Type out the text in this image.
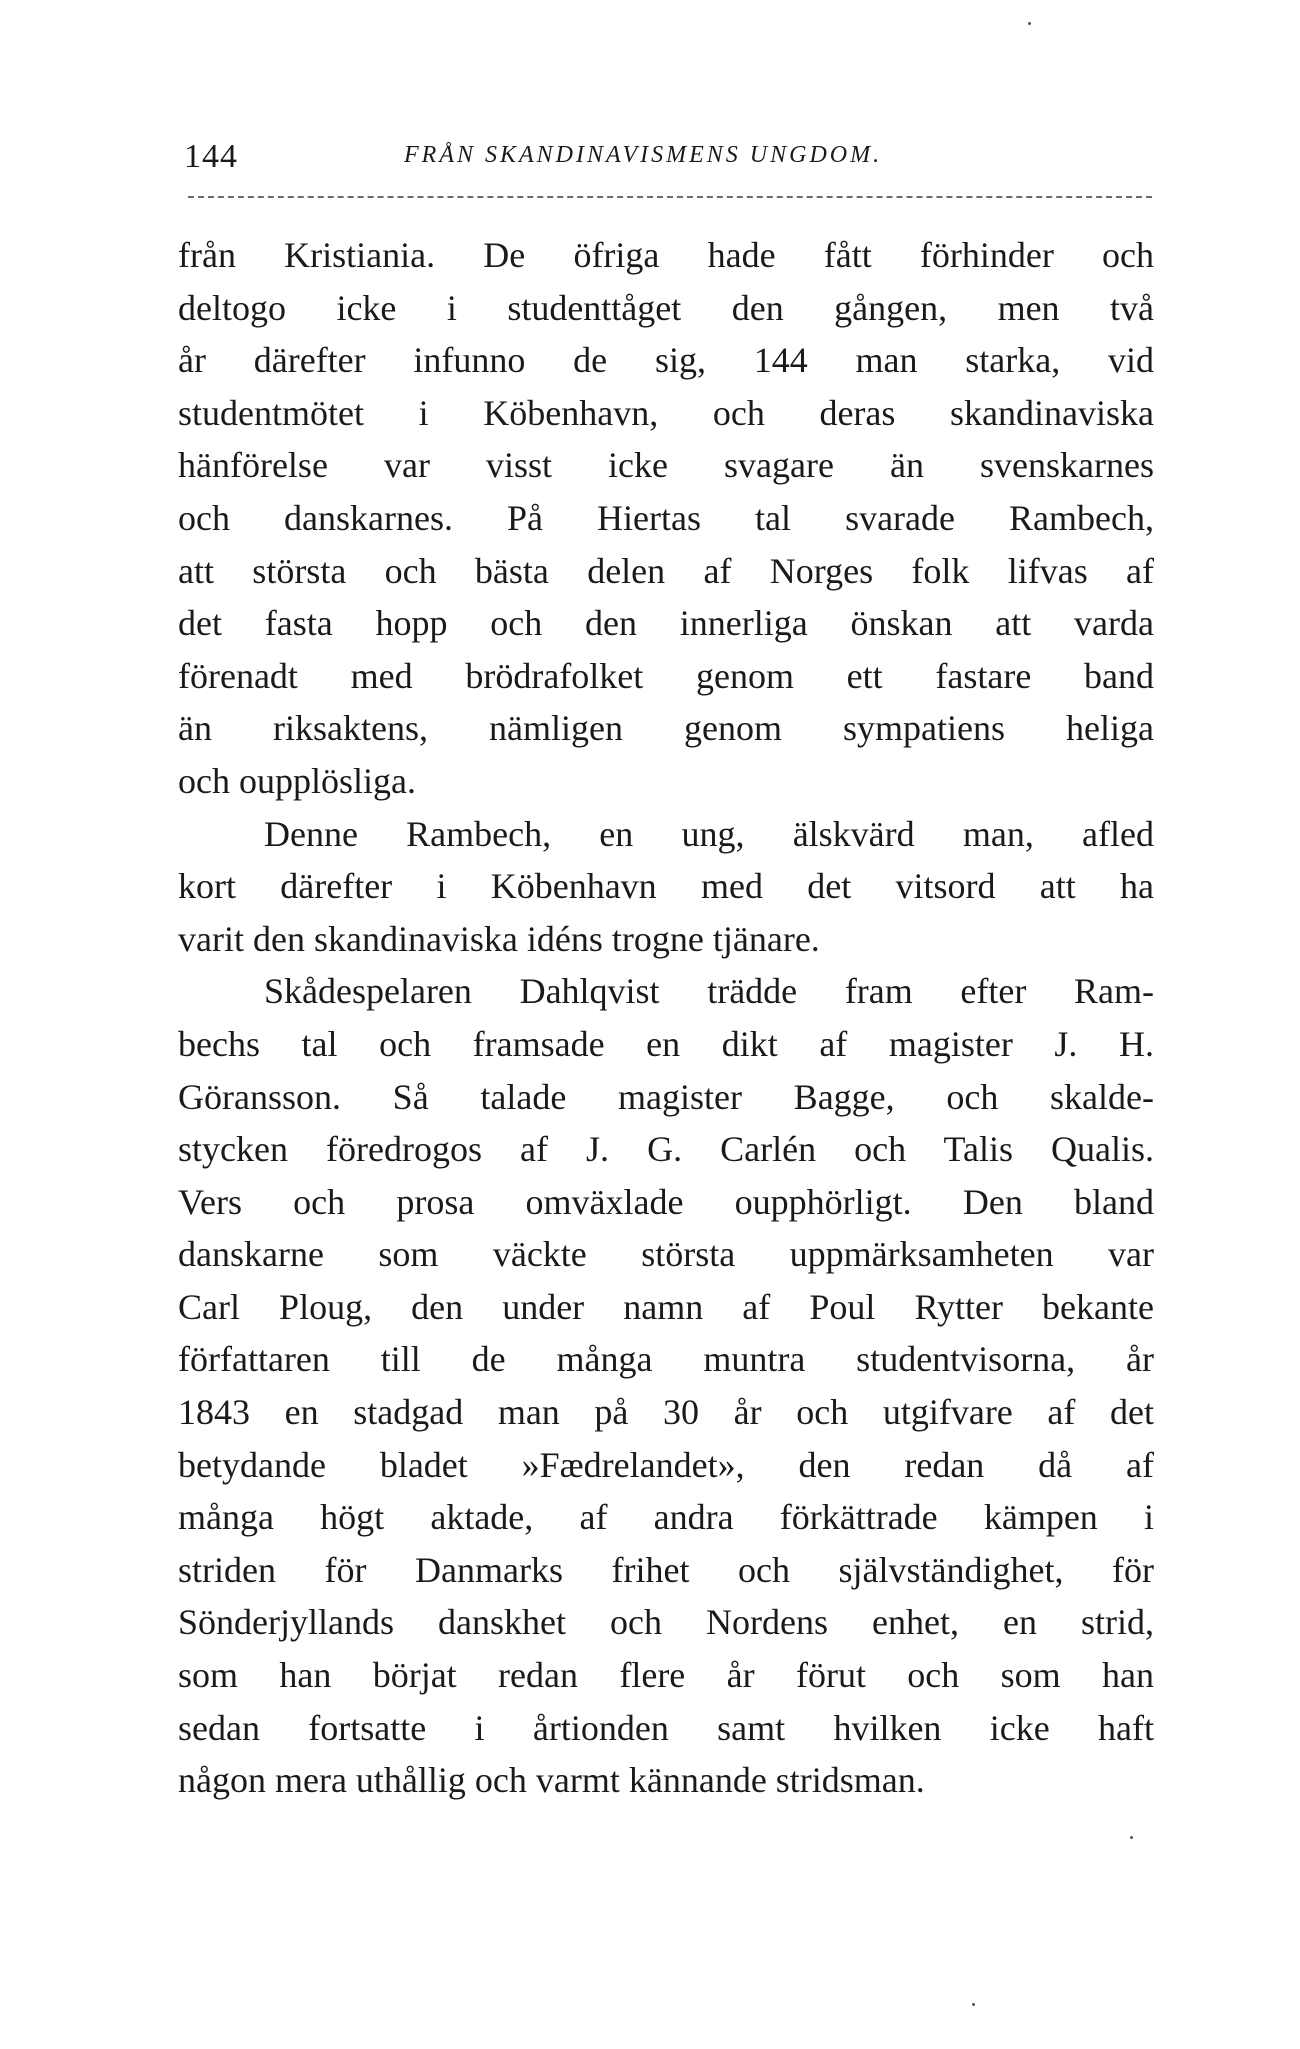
144	FRÅN SKANDINAVISMENS UNGDOM.
från Kristiania. De öfriga hade fått förhinder och
deltogo icke i studenttåget den gången, men två
år därefter infunno de sig, 144 man starka, vid
studentmötet i Köbenhavn, och deras skandinaviska
hänförelse var visst icke svagare än svenskarnes
och danskarnes. På Hiertas tal svarade Rambech,
att största och bästa delen af Norges folk lifvas af
det fasta hopp och den innerliga önskan att varda
förenadt med brödrafolket genom ett fastare band
än riksaktens, nämligen genom sympatiens heliga
och oupplösliga.
Denne Rambech, en ung, älskvärd man, afled
kort därefter i Köbenhavn med det vitsord att ha
varit den skandinaviska idéns trogne tjänare.
Skådespelaren Dahlqvist trädde fram efter Ram-
bechs tal och framsade en dikt af magister J. H.
Göransson. Så talade magister Bagge, och skalde-
stycken föredrogos af J. G. Carlén och Talis Qualis.
Vers och prosa omväxlade oupphörligt. Den bland
danskarne som väckte största uppmärksamheten var
Carl Ploug, den under namn af Poul Rytter bekante
författaren till de många muntra studentvisorna, år
1843 en stadgad man på 30 år och utgifvare af det
betydande bladet »Fædrelandet», den redan då af
många högt aktade, af andra förkättrade kämpen i
striden för Danmarks frihet och självständighet, för
Sönderjyllands danskhet och Nordens enhet, en strid,
som han börjat redan flere år förut och som han
sedan fortsatte i årtionden samt hvilken icke haft
någon mera uthållig och varmt kännande stridsman.
